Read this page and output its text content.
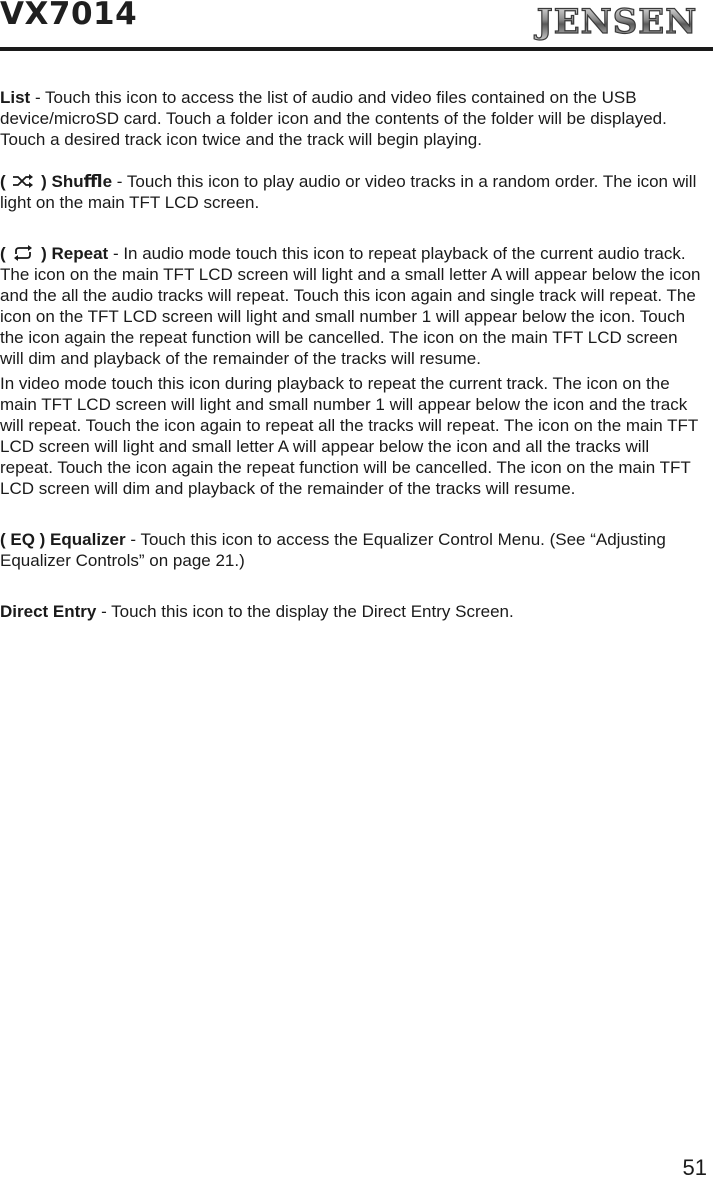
VX7014	JENSEN

List - Touch this icon to access the list of audio and video ﬁles contained on the USB device/microSD card. Touch a folder icon and the contents of the folder will be displayed. Touch a desired track icon twice and the track will begin playing.

( ) Shuﬄe - Touch this icon to play audio or video tracks in a random order. The icon will light on the main TFT LCD screen.

( ) Repeat - In audio mode touch this icon to repeat playback of the current audio track. The icon on the main TFT LCD screen will light and a small letter A will appear below the icon and the all the audio tracks will repeat. Touch this icon again and single track will repeat. The icon on the TFT LCD screen will light and small number 1 will appear below the icon. Touch the icon again the repeat function will be cancelled. The icon on the main TFT LCD screen will dim and playback of the remainder of the tracks will resume.

In video mode touch this icon during playback to repeat the current track. The icon on the main TFT LCD screen will light and small number 1 will appear below the icon and the track will repeat. Touch the icon again to repeat all the tracks will repeat. The icon on the main TFT LCD screen will light and small letter A will appear below the icon and all the tracks will repeat. Touch the icon again the repeat function will be cancelled. The icon on the main TFT LCD screen will dim and playback of the remainder of the tracks will resume.

( EQ ) Equalizer - Touch this icon to access the Equalizer Control Menu. (See “Adjusting Equalizer Controls” on page 21.)

Direct Entry - Touch this icon to the display the Direct Entry Screen.

51
